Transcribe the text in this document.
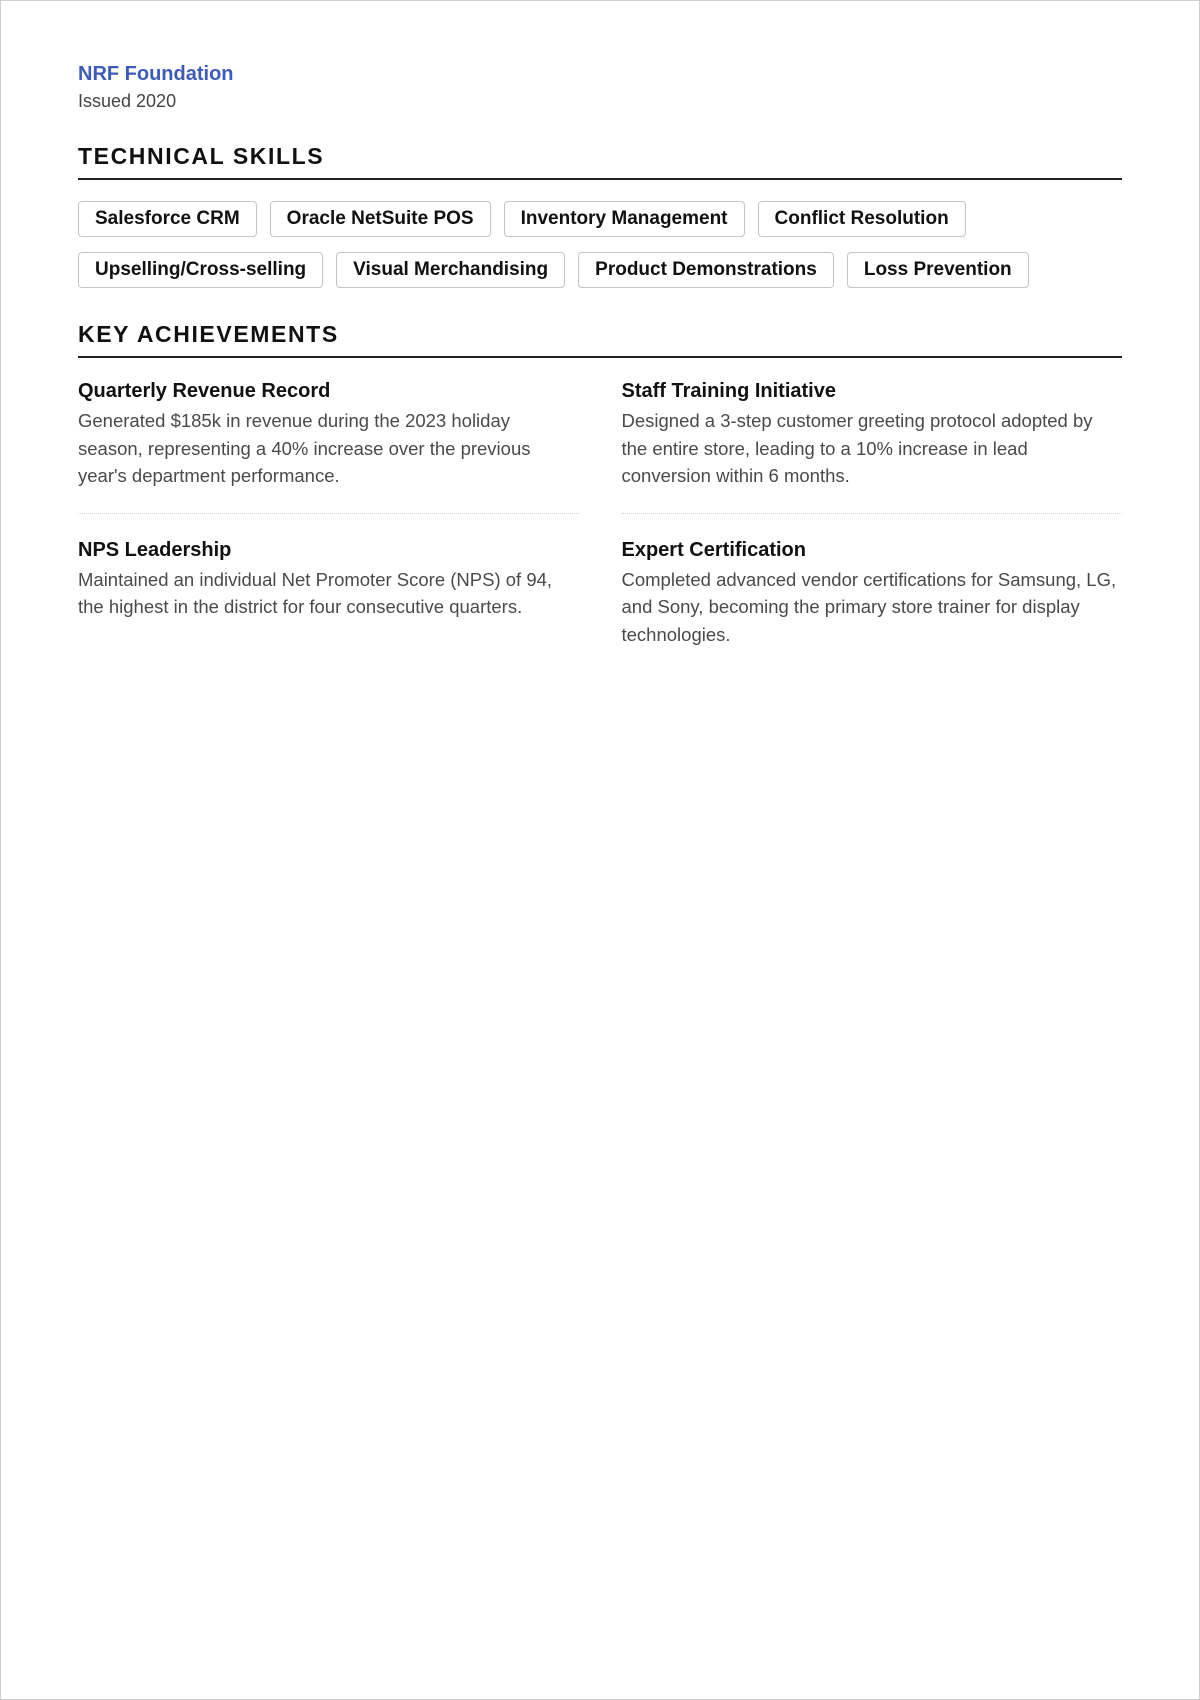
NRF Foundation
Issued 2020
TECHNICAL SKILLS
Salesforce CRM	Oracle NetSuite POS	Inventory Management	Conflict Resolution
Upselling/Cross-selling	Visual Merchandising	Product Demonstrations	Loss Prevention
KEY ACHIEVEMENTS
Quarterly Revenue Record
Generated $185k in revenue during the 2023 holiday season, representing a 40% increase over the previous year's department performance.
Staff Training Initiative
Designed a 3-step customer greeting protocol adopted by the entire store, leading to a 10% increase in lead conversion within 6 months.
NPS Leadership
Maintained an individual Net Promoter Score (NPS) of 94, the highest in the district for four consecutive quarters.
Expert Certification
Completed advanced vendor certifications for Samsung, LG, and Sony, becoming the primary store trainer for display technologies.
